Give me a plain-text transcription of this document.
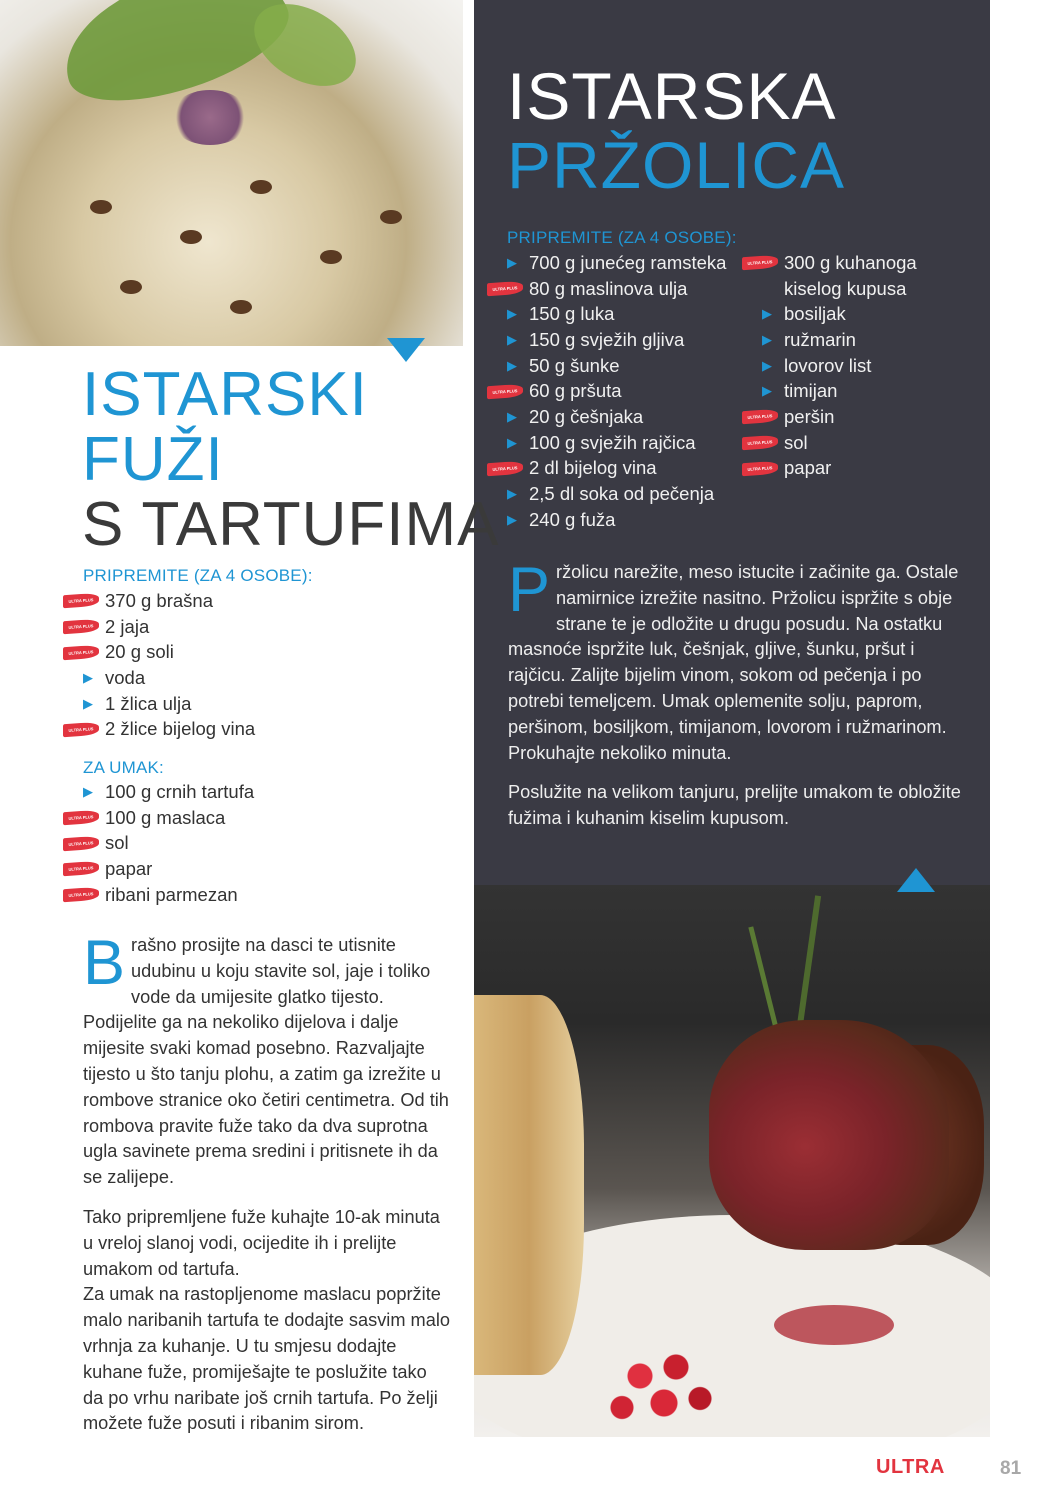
ISTARSKI
FUŽI
S TARTUFIMA
PRIPREMITE (ZA 4 OSOBE):
ULTRA PLUS 370 g brašna
ULTRA PLUS 2 jaja
ULTRA PLUS 20 g soli
▶ voda
▶ 1 žlica ulja
ULTRA PLUS 2 žlice bijelog vina
ZA UMAK:
▶ 100 g crnih tartufa
ULTRA PLUS 100 g maslaca
ULTRA PLUS sol
ULTRA PLUS papar
ULTRA PLUS ribani parmezan

Brašno prosijte na dasci te utisnite udubinu u koju stavite sol, jaje i toliko vode da umijesite glatko tijesto. Podijelite ga na nekoliko dijelova i dalje mijesite svaki komad posebno. Razvaljajte tijesto u što tanju plohu, a zatim ga izrežite u rombove stranice oko četiri centimetra. Od tih rombova pravite fuže tako da dva suprotna ugla savinete prema sredini i pritisnete ih da se zalijepe.

Tako pripremljene fuže kuhajte 10-ak minuta u vreloj slanoj vodi, ocijedite ih i prelijte umakom od tartufa.

Za umak na rastopljenome maslacu popržite malo naribanih tartufa te dodajte sasvim malo vrhnja za kuhanje. U tu smjesu dodajte kuhane fuže, promiješajte te poslužite tako da po vrhu naribate još crnih tartufa. Po želji možete fuže posuti i ribanim sirom.

ISTARSKA
PRŽOLICA
PRIPREMITE (ZA 4 OSOBE):
▶ 700 g junećeg ramsteka
ULTRA PLUS 80 g maslinova ulja
▶ 150 g luka
▶ 150 g svježih gljiva
▶ 50 g šunke
ULTRA PLUS 60 g pršuta
▶ 20 g češnjaka
▶ 100 g svježih rajčica
ULTRA PLUS 2 dl bijelog vina
▶ 2,5 dl soka od pečenja
▶ 240 g fuža
ULTRA PLUS 300 g kuhanoga
kiselog kupusa
▶ bosiljak
▶ ružmarin
▶ lovorov list
▶ timijan
ULTRA PLUS peršin
ULTRA PLUS sol
ULTRA PLUS papar

Pržolicu narežite, meso istucite i začinite ga. Ostale namirnice izrežite nasitno. Pržolicu ispržite s obje strane te je odložite u drugu posudu. Na ostatku masnoće ispržite luk, češnjak, gljive, šunku, pršut i rajčicu. Zalijte bijelim vinom, sokom od pečenja i po potrebi temeljcem. Umak oplemenite solju, paprom, peršinom, bosiljkom, timijanom, lovorom i ružmarinom. Prokuhajte nekoliko minuta.

Poslužite na velikom tanjuru, prelijte umakom te obložite fužima i kuhanim kiselim kupusom.

ULTRA	81
